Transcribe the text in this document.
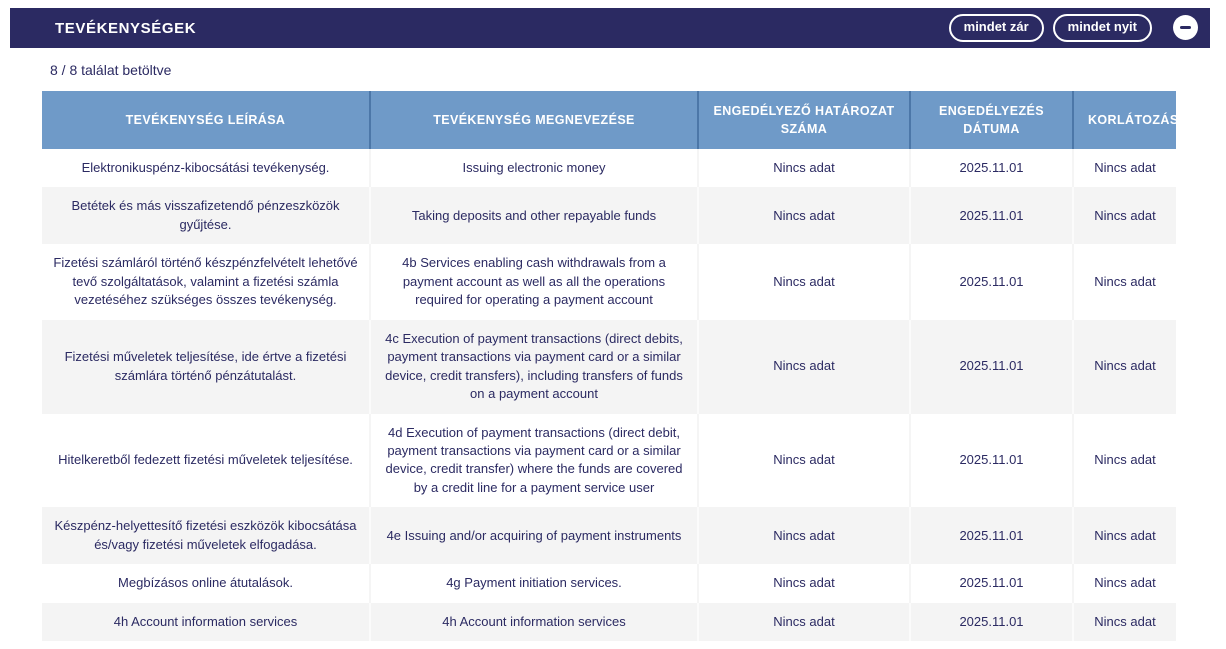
TEVÉKENYSÉGEK	mindet zár	mindet nyit
8 / 8 találat betöltve
TEVÉKENYSÉG LEÍRÁSA	TEVÉKENYSÉG MEGNEVEZÉSE	ENGEDÉLYEZŐ HATÁROZAT SZÁMA	ENGEDÉLYEZÉS DÁTUMA	KORLÁTOZÁS
Elektronikuspénz-kibocsátási tevékenység.	Issuing electronic money	Nincs adat	2025.11.01	Nincs adat
Betétek és más visszafizetendő pénzeszközök gyűjtése.	Taking deposits and other repayable funds	Nincs adat	2025.11.01	Nincs adat
Fizetési számláról történő készpénzfelvételt lehetővé tevő szolgáltatások, valamint a fizetési számla vezetéséhez szükséges összes tevékenység.	4b Services enabling cash withdrawals from a payment account as well as all the operations required for operating a payment account	Nincs adat	2025.11.01	Nincs adat
Fizetési műveletek teljesítése, ide értve a fizetési számlára történő pénzátutalást.	4c Execution of payment transactions (direct debits, payment transactions via payment card or a similar device, credit transfers), including transfers of funds on a payment account	Nincs adat	2025.11.01	Nincs adat
Hitelkeretből fedezett fizetési műveletek teljesítése.	4d Execution of payment transactions (direct debit, payment transactions via payment card or a similar device, credit transfer) where the funds are covered by a credit line for a payment service user	Nincs adat	2025.11.01	Nincs adat
Készpénz-helyettesítő fizetési eszközök kibocsátása és/vagy fizetési műveletek elfogadása.	4e Issuing and/or acquiring of payment instruments	Nincs adat	2025.11.01	Nincs adat
Megbízásos online átutalások.	4g Payment initiation services.	Nincs adat	2025.11.01	Nincs adat
4h Account information services	4h Account information services	Nincs adat	2025.11.01	Nincs adat
